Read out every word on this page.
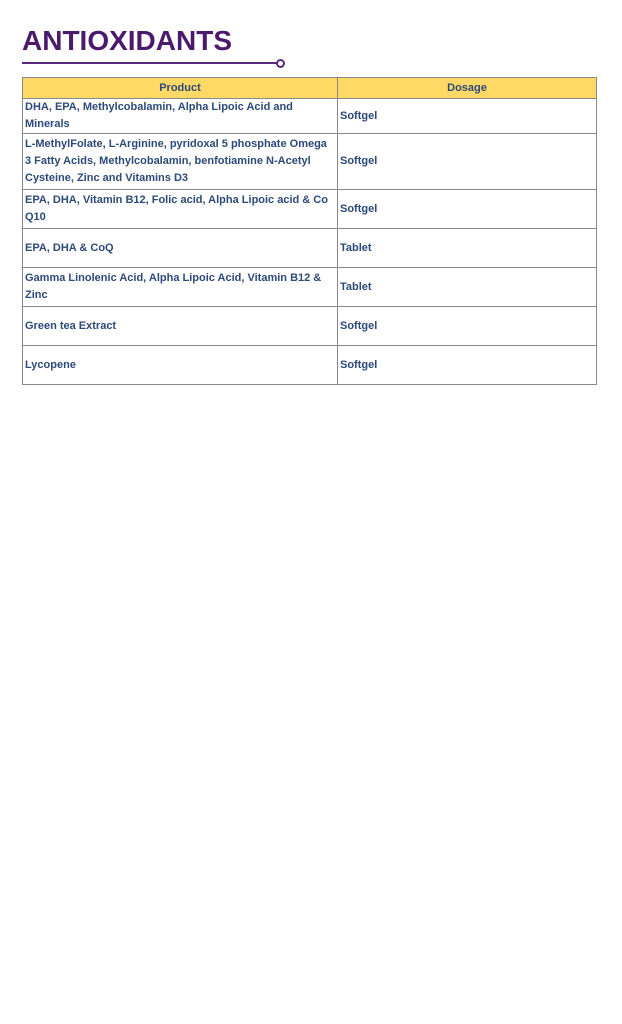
ANTIOXIDANTS
Product	Dosage
DHA, EPA, Methylcobalamin, Alpha Lipoic Acid and Minerals	Softgel
L-MethylFolate, L-Arginine, pyridoxal 5 phosphate Omega 3 Fatty Acids, Methylcobalamin, benfotiamine N-Acetyl Cysteine, Zinc and Vitamins D3	Softgel
EPA, DHA, Vitamin B12, Folic acid, Alpha Lipoic acid & Co Q10	Softgel
EPA, DHA & CoQ	Tablet
Gamma Linolenic Acid, Alpha Lipoic Acid, Vitamin B12 & Zinc	Tablet
Green tea Extract	Softgel
Lycopene	Softgel
